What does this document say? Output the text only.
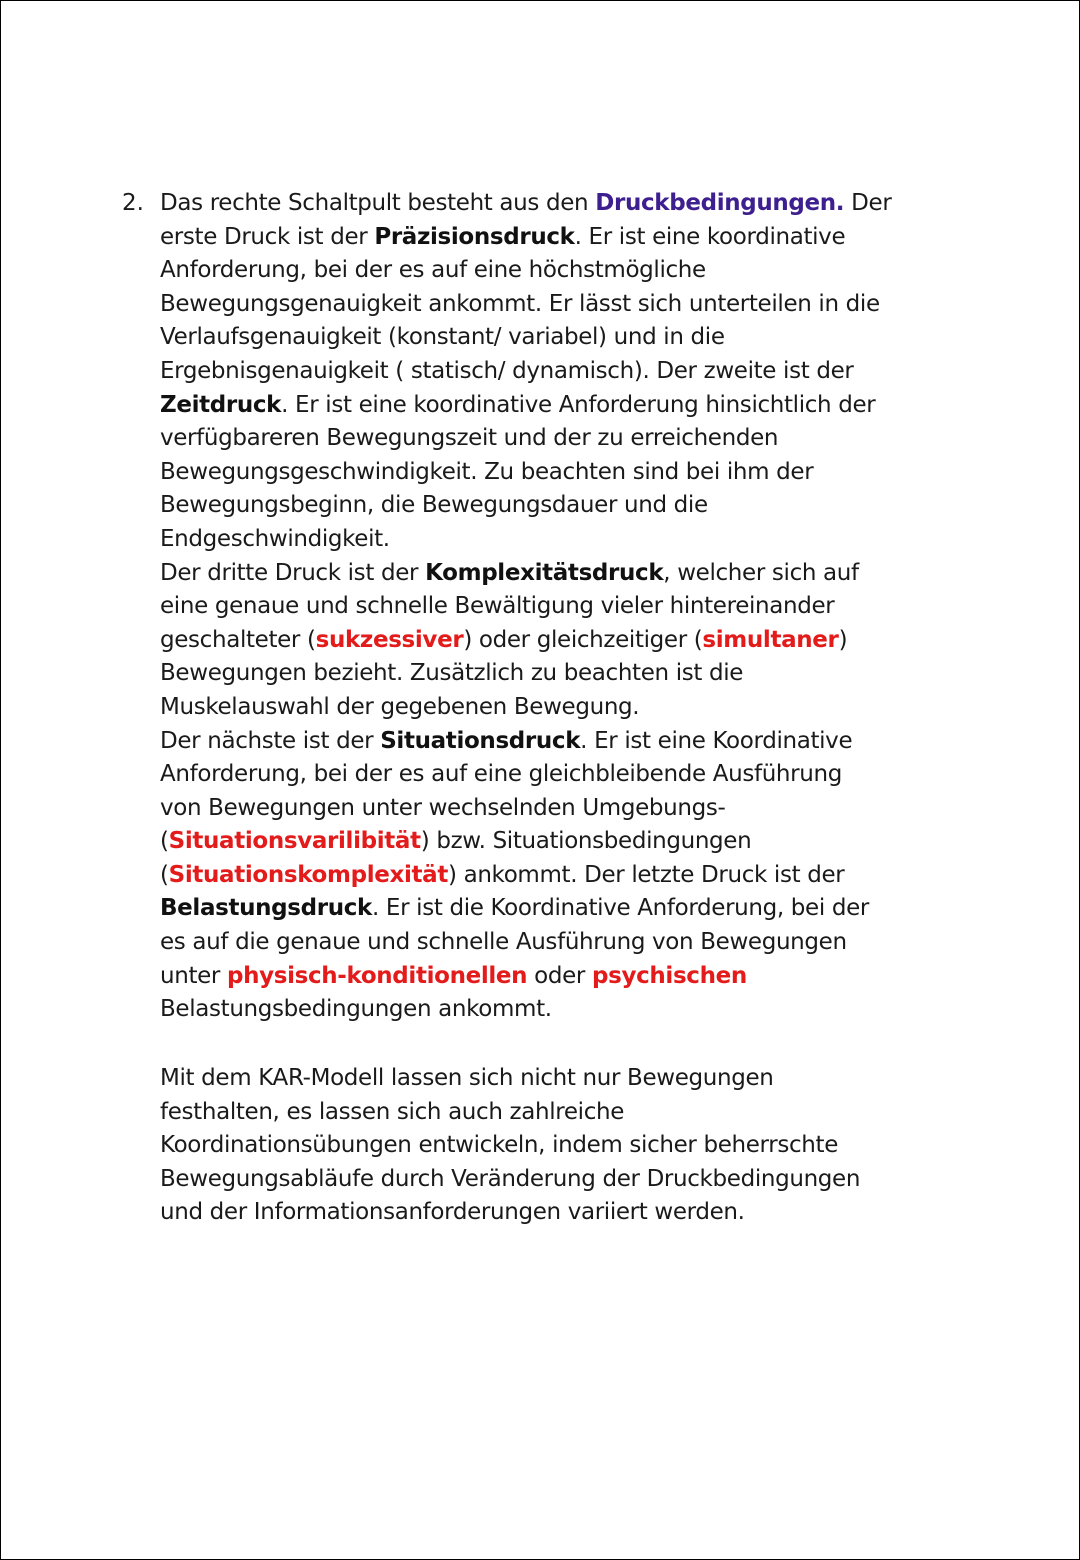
2. Das rechte Schaltpult besteht aus den Druckbedingungen. Der
erste Druck ist der Präzisionsdruck. Er ist eine koordinative
Anforderung, bei der es auf eine höchstmögliche
Bewegungsgenauigkeit ankommt. Er lässt sich unterteilen in die
Verlaufsgenauigkeit (konstant/ variabel) und in die
Ergebnisgenauigkeit ( statisch/ dynamisch). Der zweite ist der
Zeitdruck. Er ist eine koordinative Anforderung hinsichtlich der
verfügbareren Bewegungszeit und der zu erreichenden
Bewegungsgeschwindigkeit. Zu beachten sind bei ihm der
Bewegungsbeginn, die Bewegungsdauer und die
Endgeschwindigkeit.
Der dritte Druck ist der Komplexitätsdruck, welcher sich auf
eine genaue und schnelle Bewältigung vieler hintereinander
geschalteter (sukzessiver) oder gleichzeitiger (simultaner)
Bewegungen bezieht. Zusätzlich zu beachten ist die
Muskelauswahl der gegebenen Bewegung.
Der nächste ist der Situationsdruck. Er ist eine Koordinative
Anforderung, bei der es auf eine gleichbleibende Ausführung
von Bewegungen unter wechselnden Umgebungs-
(Situationsvarilibität) bzw. Situationsbedingungen
(Situationskomplexität) ankommt. Der letzte Druck ist der
Belastungsdruck. Er ist die Koordinative Anforderung, bei der
es auf die genaue und schnelle Ausführung von Bewegungen
unter physisch-konditionellen oder psychischen
Belastungsbedingungen ankommt.
Mit dem KAR-Modell lassen sich nicht nur Bewegungen
festhalten, es lassen sich auch zahlreiche
Koordinationsübungen entwickeln, indem sicher beherrschte
Bewegungsabläufe durch Veränderung der Druckbedingungen
und der Informationsanforderungen variiert werden.
